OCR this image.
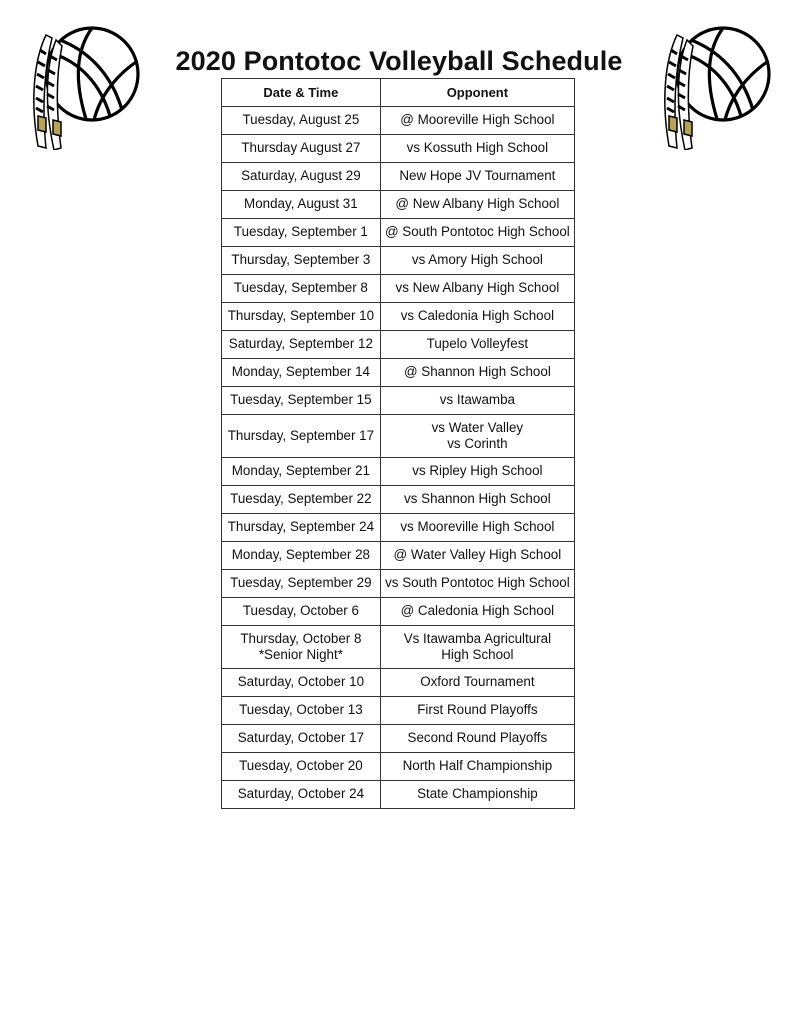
2020 Pontotoc Volleyball Schedule
Date & Time	Opponent

Tuesday, August 25	@ Mooreville High School

Thursday August 27	vs Kossuth High School

Saturday, August 29	New Hope JV Tournament

Monday, August 31	@ New Albany High School

Tuesday, September 1	@ South Pontotoc High School

Thursday, September 3	vs Amory High School

Tuesday, September 8	vs New Albany High School

Thursday, September 10	vs Caledonia High School

Saturday, September 12	Tupelo Volleyfest

Monday, September 14	@ Shannon High School

Tuesday, September 15	vs Itawamba

Thursday, September 17	vs Water Valley
vs Corinth

Monday, September 21	vs Ripley High School

Tuesday, September 22	vs Shannon High School

Thursday, September 24	vs Mooreville High School

Monday, September 28	@ Water Valley High School

Tuesday, September 29	vs South Pontotoc High School

Tuesday, October 6	@ Caledonia High School

Thursday, October 8
*Senior Night*	Vs Itawamba Agricultural
High School

Saturday, October 10	Oxford Tournament

Tuesday, October 13	First Round Playoffs

Saturday, October 17	Second Round Playoffs

Tuesday, October 20	North Half Championship

Saturday, October 24	State Championship
